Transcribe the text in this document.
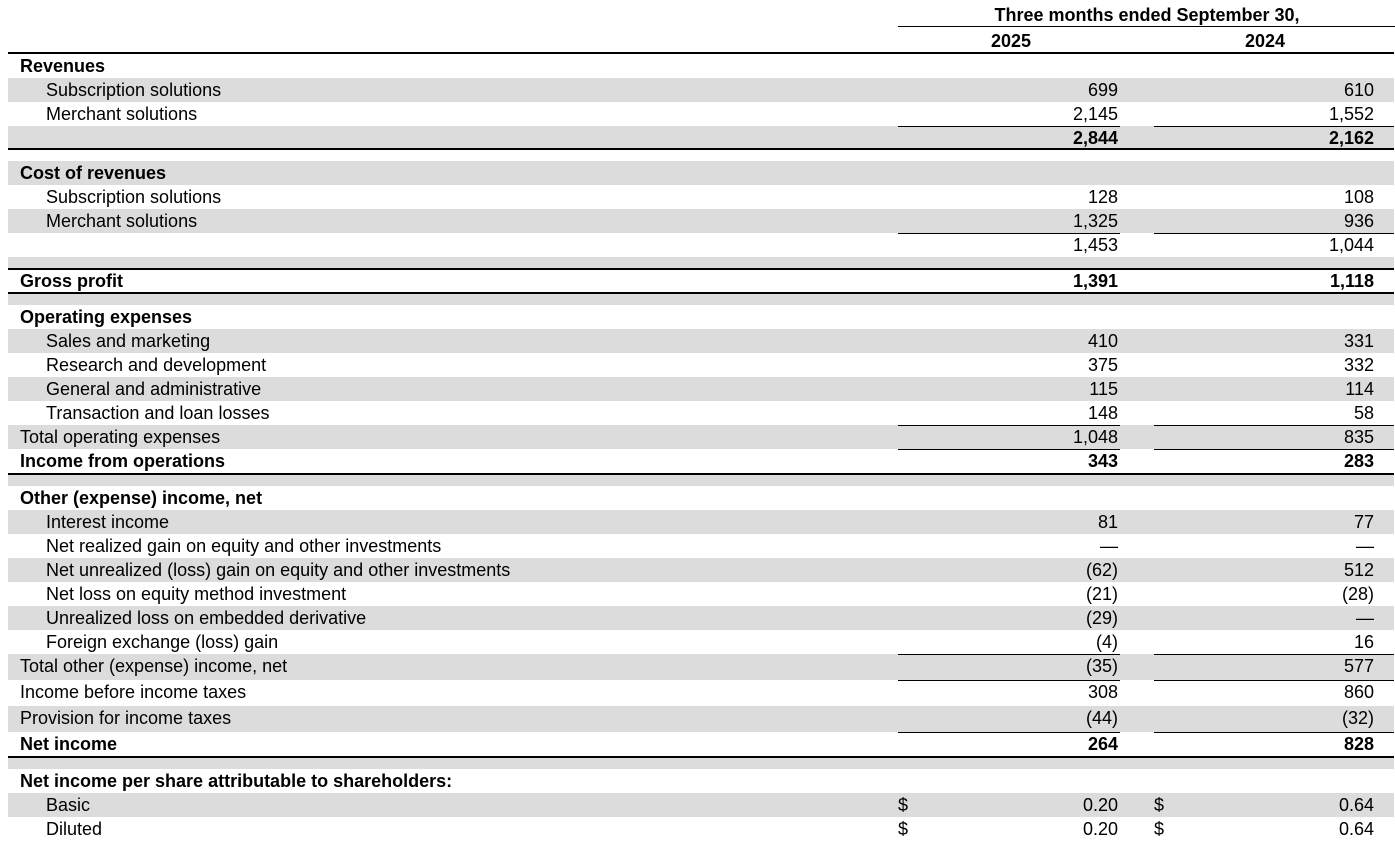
Three months ended September 30,
2025	2024
Revenues
Subscription solutions	699	610
Merchant solutions	2,145	1,552
2,844	2,162
Cost of revenues
Subscription solutions	128	108
Merchant solutions	1,325	936
1,453	1,044
Gross profit	1,391	1,118
Operating expenses
Sales and marketing	410	331
Research and development	375	332
General and administrative	115	114
Transaction and loan losses	148	58
Total operating expenses	1,048	835
Income from operations	343	283
Other (expense) income, net
Interest income	81	77
Net realized gain on equity and other investments	—	—
Net unrealized (loss) gain on equity and other investments	(62)	512
Net loss on equity method investment	(21)	(28)
Unrealized loss on embedded derivative	(29)	—
Foreign exchange (loss) gain	(4)	16
Total other (expense) income, net	(35)	577
Income before income taxes	308	860
Provision for income taxes	(44)	(32)
Net income	264	828
Net income per share attributable to shareholders:
Basic	$	0.20 $	0.64
Diluted	$	0.20 $	0.64
